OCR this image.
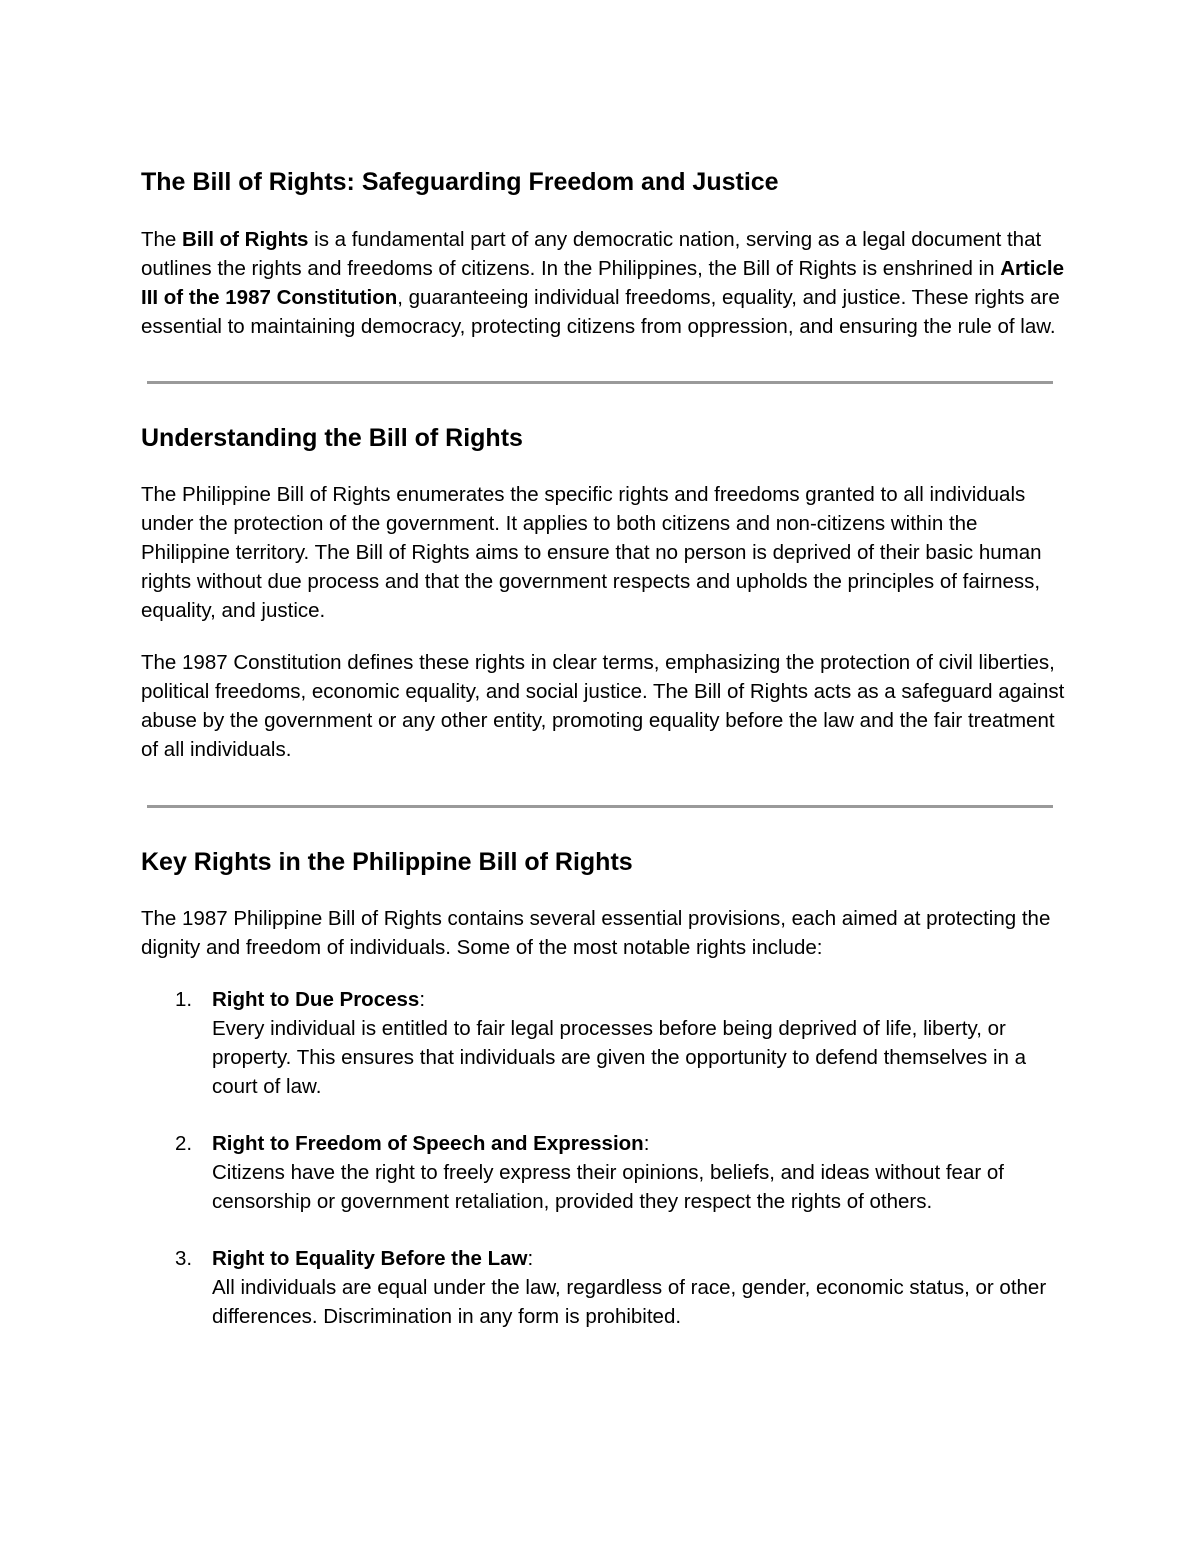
The Bill of Rights: Safeguarding Freedom and Justice

The Bill of Rights is a fundamental part of any democratic nation, serving as a legal document that outlines the rights and freedoms of citizens. In the Philippines, the Bill of Rights is enshrined in Article III of the 1987 Constitution, guaranteeing individual freedoms, equality, and justice. These rights are essential to maintaining democracy, protecting citizens from oppression, and ensuring the rule of law.

Understanding the Bill of Rights

The Philippine Bill of Rights enumerates the specific rights and freedoms granted to all individuals under the protection of the government. It applies to both citizens and non-citizens within the Philippine territory. The Bill of Rights aims to ensure that no person is deprived of their basic human rights without due process and that the government respects and upholds the principles of fairness, equality, and justice.

The 1987 Constitution defines these rights in clear terms, emphasizing the protection of civil liberties, political freedoms, economic equality, and social justice. The Bill of Rights acts as a safeguard against abuse by the government or any other entity, promoting equality before the law and the fair treatment of all individuals.

Key Rights in the Philippine Bill of Rights

The 1987 Philippine Bill of Rights contains several essential provisions, each aimed at protecting the dignity and freedom of individuals. Some of the most notable rights include:

1. Right to Due Process:
Every individual is entitled to fair legal processes before being deprived of life, liberty, or property. This ensures that individuals are given the opportunity to defend themselves in a court of law.
2. Right to Freedom of Speech and Expression:
Citizens have the right to freely express their opinions, beliefs, and ideas without fear of censorship or government retaliation, provided they respect the rights of others.
3. Right to Equality Before the Law:
All individuals are equal under the law, regardless of race, gender, economic status, or other differences. Discrimination in any form is prohibited.
